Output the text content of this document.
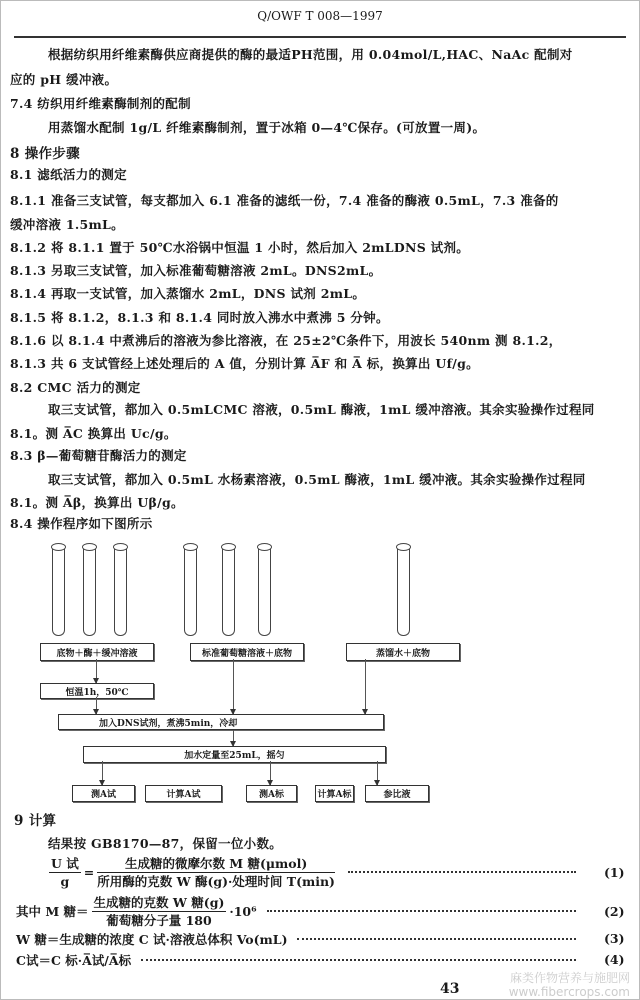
Q/OWF T 008—1997
根据纺织用纤维素酶供应商提供的酶的最适PH范围，用 0.04mol/L,HAC、NaAc 配制对
应的 pH 缓冲液。
7.4 纺织用纤维素酶制剂的配制
用蒸馏水配制 1g/L 纤维素酶制剂，置于冰箱 0—4℃保存。(可放置一周)。
8 操作步骤
8.1 滤纸活力的测定
8.1.1 准备三支试管，每支都加入 6.1 准备的滤纸一份，7.4 准备的酶液 0.5mL，7.3 准备的
缓冲溶液 1.5mL。
8.1.2 将 8.1.1 置于 50℃水浴锅中恒温 1 小时，然后加入 2mLDNS 试剂。
8.1.3 另取三支试管，加入标准葡萄糖溶液 2mL。DNS2mL。
8.1.4 再取一支试管，加入蒸馏水 2mL，DNS 试剂 2mL。
8.1.5 将 8.1.2，8.1.3 和 8.1.4 同时放入沸水中煮沸 5 分钟。
8.1.6 以 8.1.4 中煮沸后的溶液为参比溶液，在 25±2℃条件下，用波长 540nm 测 8.1.2，
8.1.3 共 6 支试管经上述处理后的 A 值，分别计算 A̅F 和 A̅ 标，换算出 Uf/g。
8.2 CMC 活力的测定
取三支试管，都加入 0.5mLCMC 溶液，0.5mL 酶液，1mL 缓冲溶液。其余实验操作过程同
8.1。测 A̅C 换算出 Uc/g。
8.3 β—葡萄糖苷酶活力的测定
取三支试管，都加入 0.5mL 水杨素溶液，0.5mL 酶液，1mL 缓冲液。其余实验操作过程同
8.1。测 A̅β，换算出 Uβ/g。
8.4 操作程序如下图所示
底物＋酶＋缓冲溶液	标准葡萄糖溶液＋底物	蒸馏水＋底物
恒温1h，50℃
加入DNS试剂，煮沸5min，冷却
加水定量至25mL，摇匀
测A试	计算A试	测A标	计算A标	参比液
9 计算
结果按 GB8170—87，保留一位小数。
$\frac{\text{U 试}}{g} = \frac{\text{生成糖的微摩尔数 M 糖(μmol)}}{\text{所用酶的克数 W 酶(g)·处理时间 T(min)}}$	(1)
其中 M 糖＝ $\frac{\text{生成糖的克数 W 糖(g)}}{\text{葡萄糖分子量 180}} \cdot 10^6$	(2)
W 糖＝生成糖的浓度 C 试·溶液总体积 Vo(mL)	(3)
C试＝C 标·A̅试/A̅标	(4)
麻类作物营养与施肥网
www.fibercrops.com
43
